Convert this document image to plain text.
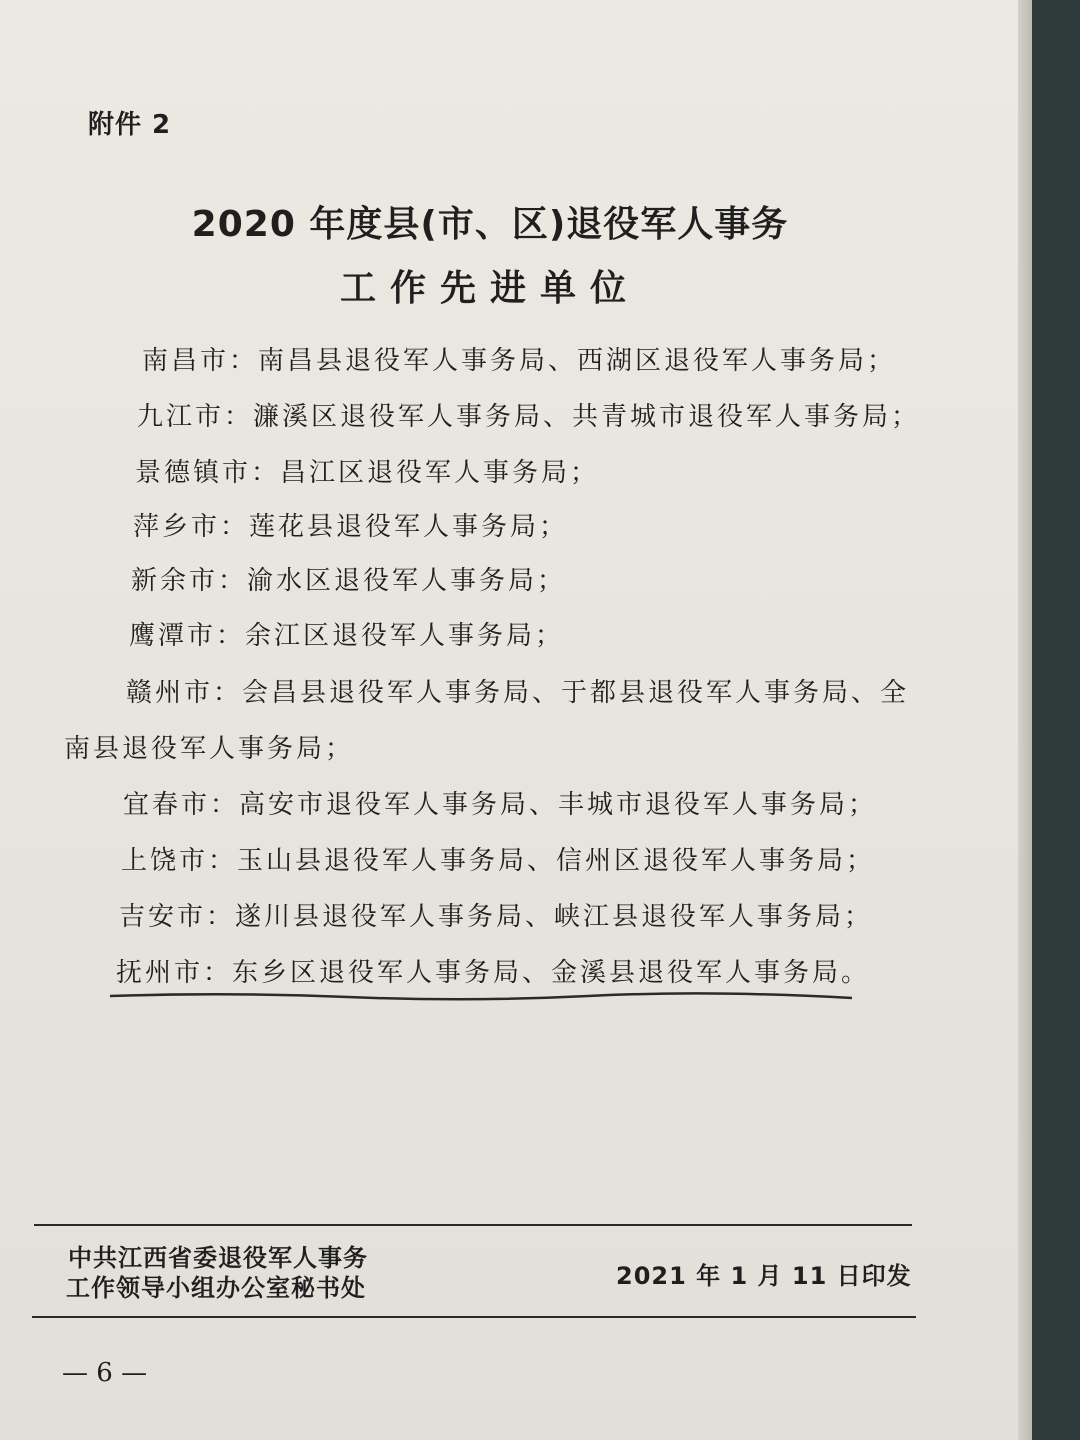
附件 2
2020 年度县(市、区)退役军人事务
工作先进单位
南昌市：南昌县退役军人事务局、西湖区退役军人事务局；
九江市：濂溪区退役军人事务局、共青城市退役军人事务局；
景德镇市：昌江区退役军人事务局；
萍乡市：莲花县退役军人事务局；
新余市：渝水区退役军人事务局；
鹰潭市：余江区退役军人事务局；
赣州市：会昌县退役军人事务局、于都县退役军人事务局、全
南县退役军人事务局；
宜春市：高安市退役军人事务局、丰城市退役军人事务局；
上饶市：玉山县退役军人事务局、信州区退役军人事务局；
吉安市：遂川县退役军人事务局、峡江县退役军人事务局；
抚州市：东乡区退役军人事务局、金溪县退役军人事务局。
中共江西省委退役军人事务
工作领导小组办公室秘书处	2021 年 1 月 11 日印发
— 6 —
